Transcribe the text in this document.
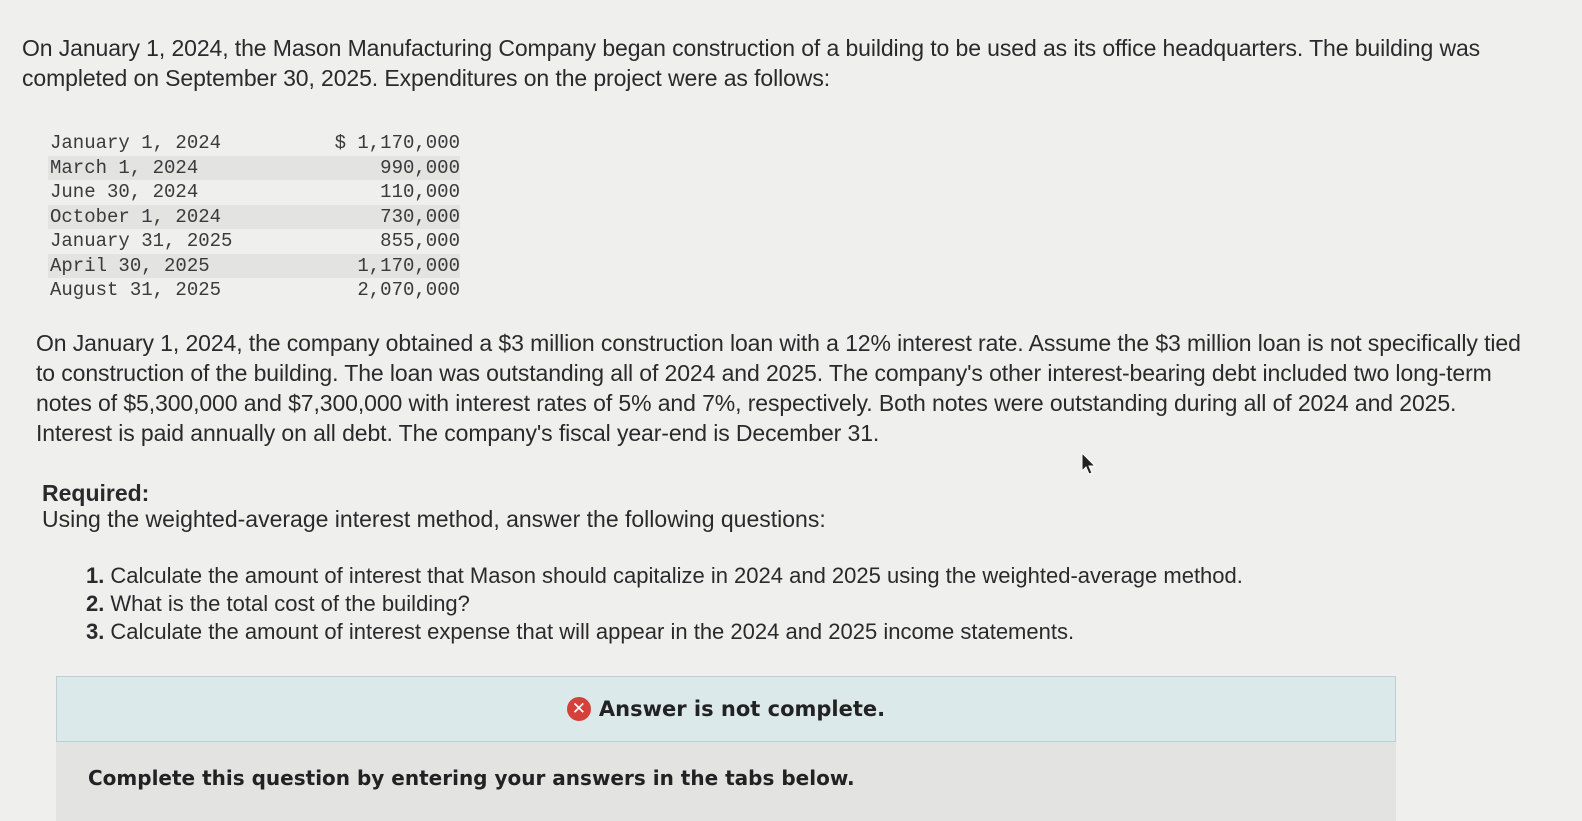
On January 1, 2024, the Mason Manufacturing Company began construction of a building to be used as its office headquarters. The building was completed on September 30, 2025. Expenditures on the project were as follows:

January 1, 2024	$ 1,170,000
March 1, 2024	990,000
June 30, 2024	110,000
October 1, 2024	730,000
January 31, 2025	855,000
April 30, 2025	1,170,000
August 31, 2025	2,070,000

On January 1, 2024, the company obtained a $3 million construction loan with a 12% interest rate. Assume the $3 million loan is not specifically tied to construction of the building. The loan was outstanding all of 2024 and 2025. The company's other interest-bearing debt included two long-term notes of $5,300,000 and $7,300,000 with interest rates of 5% and 7%, respectively. Both notes were outstanding during all of 2024 and 2025. Interest is paid annually on all debt. The company's fiscal year-end is December 31.

Required:

Using the weighted-average interest method, answer the following questions:

1. Calculate the amount of interest that Mason should capitalize in 2024 and 2025 using the weighted-average method.
2. What is the total cost of the building?
3. Calculate the amount of interest expense that will appear in the 2024 and 2025 income statements.
✕ Answer is not complete.
Complete this question by entering your answers in the tabs below.
